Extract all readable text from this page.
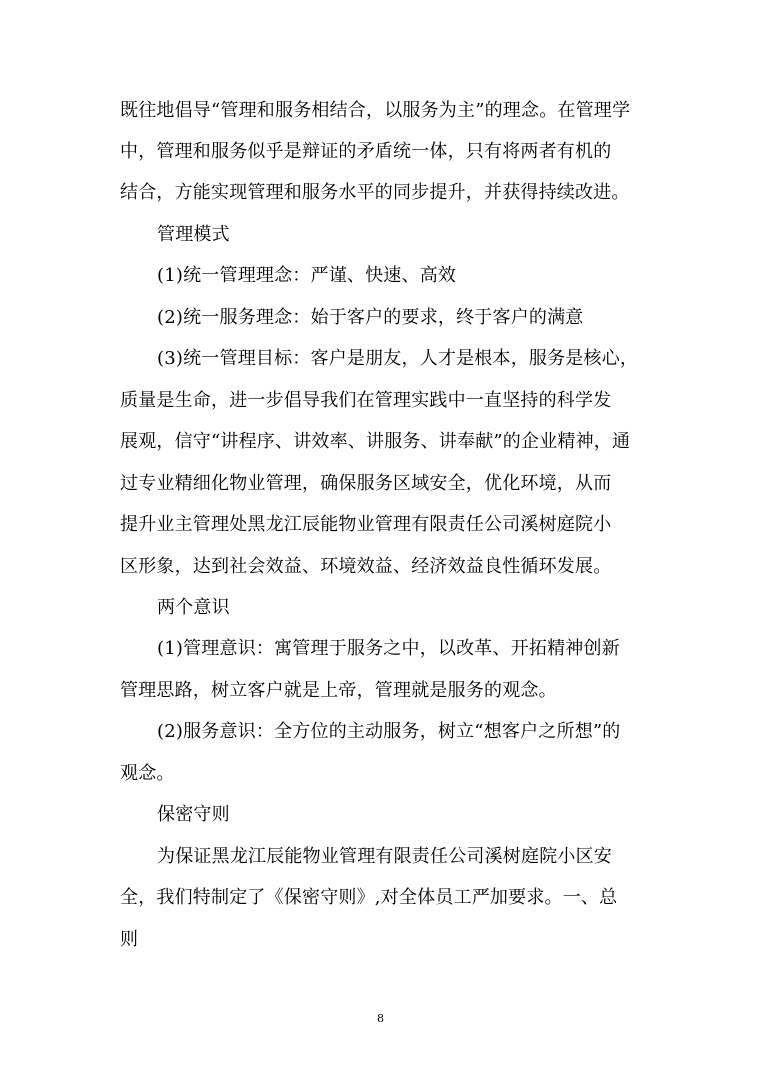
既往地倡导“管理和服务相结合，以服务为主”的理念。在管理学
中，管理和服务似乎是辩证的矛盾统一体，只有将两者有机的
结合，方能实现管理和服务水平的同步提升，并获得持续改进。
管理模式
(1)统一管理理念：严谨、快速、高效
(2)统一服务理念：始于客户的要求，终于客户的满意
(3)统一管理目标：客户是朋友，人才是根本，服务是核心，
质量是生命，进一步倡导我们在管理实践中一直坚持的科学发
展观，信守“讲程序、讲效率、讲服务、讲奉献”的企业精神，通
过专业精细化物业管理，确保服务区域安全，优化环境，从而
提升业主管理处黑龙江辰能物业管理有限责任公司溪树庭院小
区形象，达到社会效益、环境效益、经济效益良性循环发展。
两个意识
(1)管理意识：寓管理于服务之中，以改革、开拓精神创新
管理思路，树立客户就是上帝，管理就是服务的观念。
(2)服务意识：全方位的主动服务，树立“想客户之所想”的
观念。
保密守则
为保证黑龙江辰能物业管理有限责任公司溪树庭院小区安
全，我们特制定了《保密守则》,对全体员工严加要求。一、总
则
8
